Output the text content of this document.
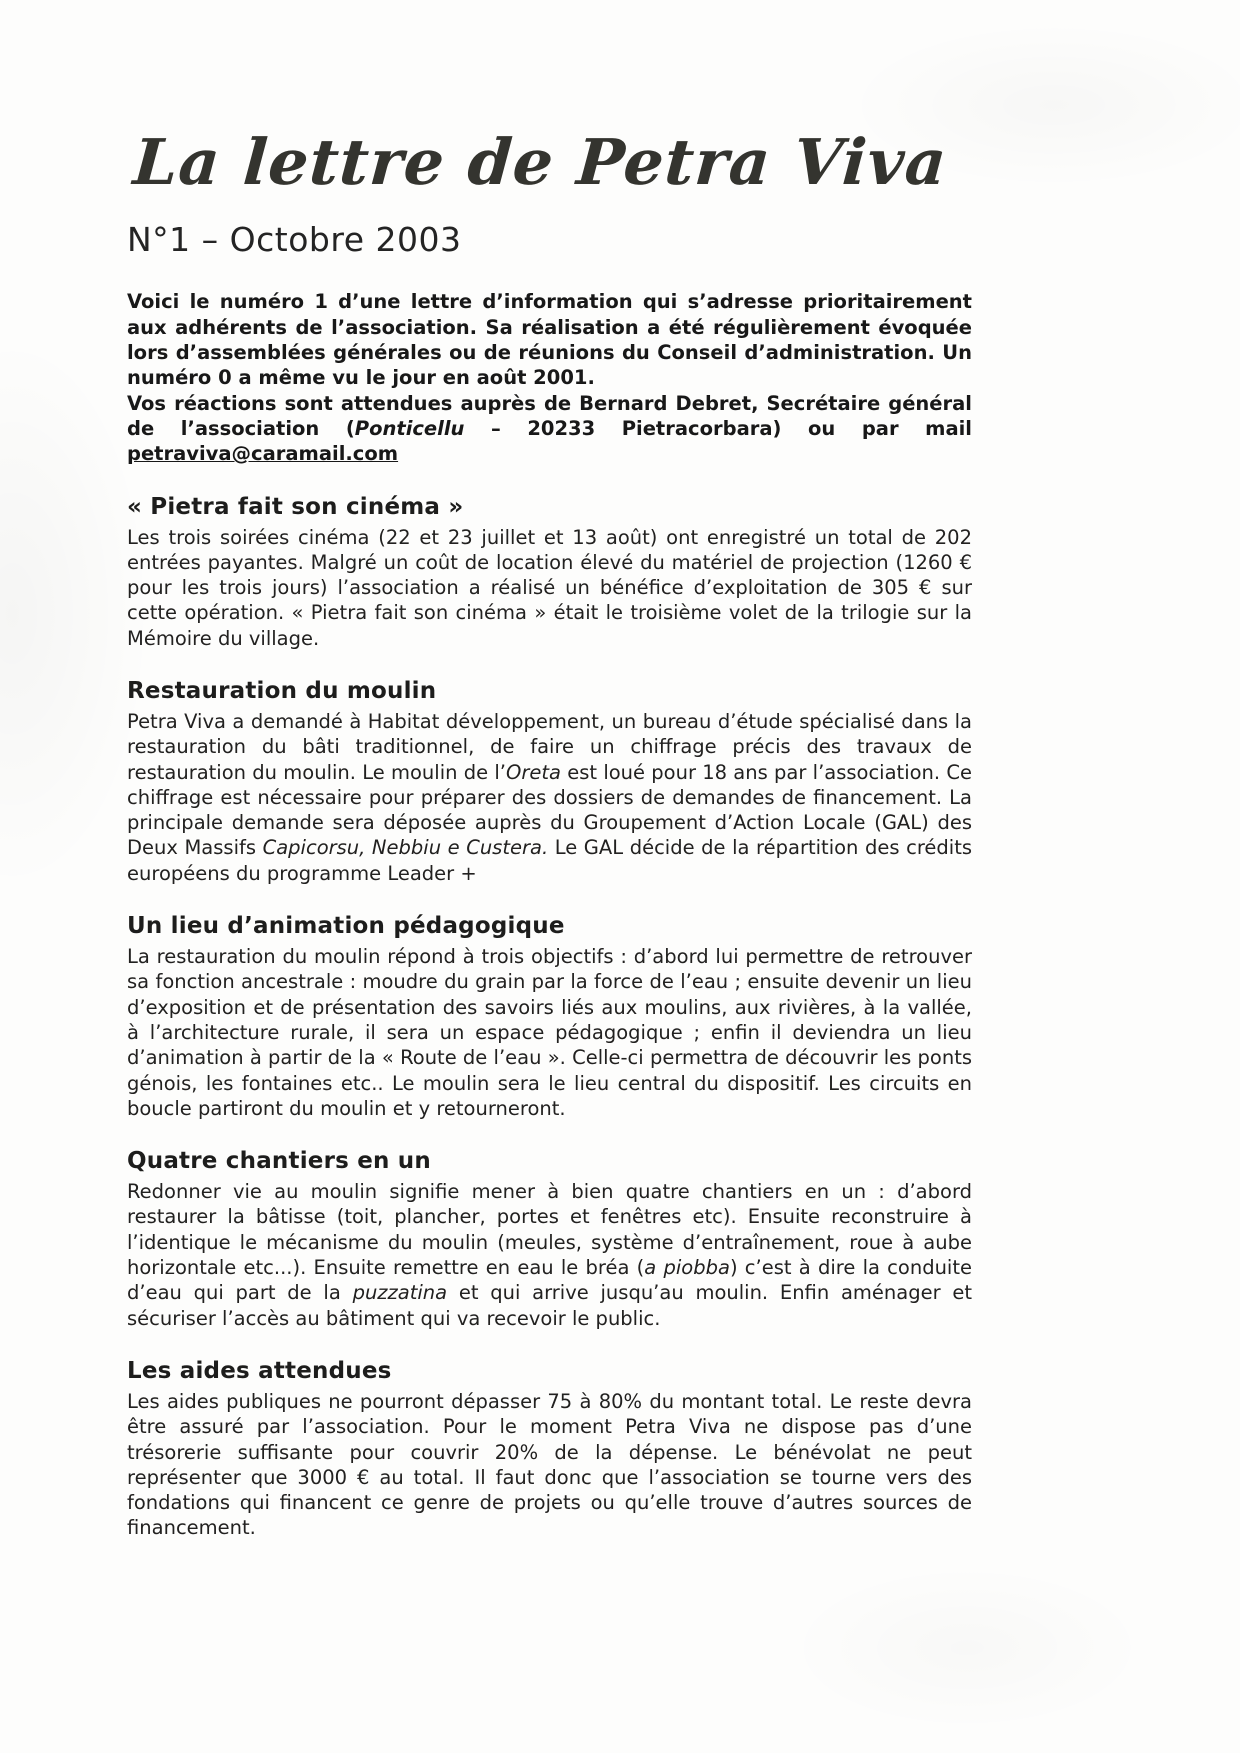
La lettre de Petra Viva
N°1 – Octobre 2003

Voici le numéro 1 d’une lettre d’information qui s’adresse prioritairement aux adhérents de l’association. Sa réalisation a été régulièrement évoquée lors d’assemblées générales ou de réunions du Conseil d’administration. Un numéro 0 a même vu le jour en août 2001.

Vos réactions sont attendues auprès de Bernard Debret, Secrétaire général de l’association (Ponticellu – 20233 Pietracorbara) ou par mail petraviva@caramail.com

« Pietra fait son cinéma »

Les trois soirées cinéma (22 et 23 juillet et 13 août) ont enregistré un total de 202 entrées payantes. Malgré un coût de location élevé du matériel de projection (1260 € pour les trois jours) l’association a réalisé un bénéfice d’exploitation de 305 € sur cette opération. « Pietra fait son cinéma » était le troisième volet de la trilogie sur la Mémoire du village.

Restauration du moulin

Petra Viva a demandé à Habitat développement, un bureau d’étude spécialisé dans la restauration du bâti traditionnel, de faire un chiffrage précis des travaux de restauration du moulin. Le moulin de l’Oreta est loué pour 18 ans par l’association. Ce chiffrage est nécessaire pour préparer des dossiers de demandes de financement. La principale demande sera déposée auprès du Groupement d’Action Locale (GAL) des Deux Massifs Capicorsu, Nebbiu e Custera. Le GAL décide de la répartition des crédits européens du programme Leader +

Un lieu d’animation pédagogique

La restauration du moulin répond à trois objectifs : d’abord lui permettre de retrouver sa fonction ancestrale : moudre du grain par la force de l’eau ; ensuite devenir un lieu d’exposition et de présentation des savoirs liés aux moulins, aux rivières, à la vallée, à l’architecture rurale, il sera un espace pédagogique ; enfin il deviendra un lieu d’animation à partir de la « Route de l’eau ». Celle-ci permettra de découvrir les ponts génois, les fontaines etc.. Le moulin sera le lieu central du dispositif. Les circuits en boucle partiront du moulin et y retourneront.

Quatre chantiers en un

Redonner vie au moulin signifie mener à bien quatre chantiers en un : d’abord restaurer la bâtisse (toit, plancher, portes et fenêtres etc). Ensuite reconstruire à l’identique le mécanisme du moulin (meules, système d’entraînement, roue à aube horizontale etc...). Ensuite remettre en eau le bréa (a piobba) c’est à dire la conduite d’eau qui part de la puzzatina et qui arrive jusqu’au moulin. Enfin aménager et sécuriser l’accès au bâtiment qui va recevoir le public.

Les aides attendues

Les aides publiques ne pourront dépasser 75 à 80% du montant total. Le reste devra être assuré par l’association. Pour le moment Petra Viva ne dispose pas d’une trésorerie suffisante pour couvrir 20% de la dépense. Le bénévolat ne peut représenter que 3000 € au total. Il faut donc que l’association se tourne vers des fondations qui financent ce genre de projets ou qu’elle trouve d’autres sources de financement.
